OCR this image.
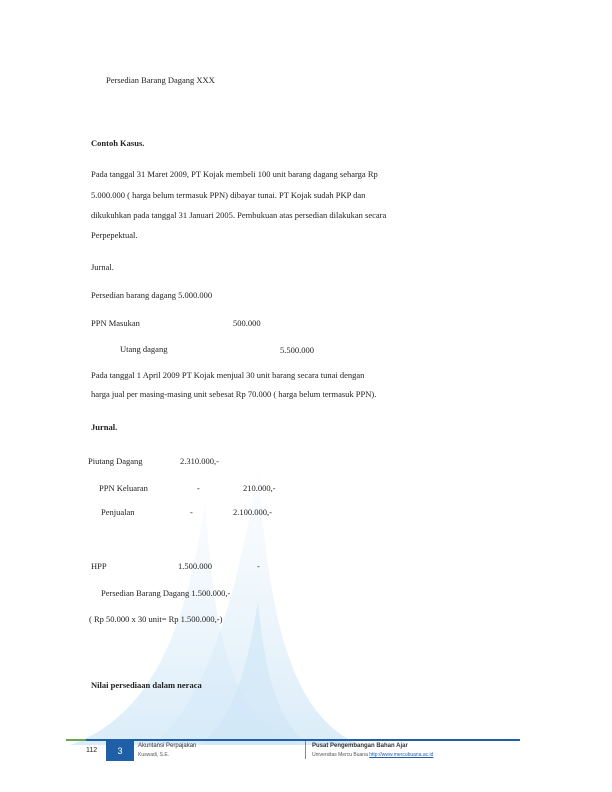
Persedian Barang Dagang XXX
Contoh Kasus.
Pada tanggal 31 Maret 2009, PT Kojak membeli 100 unit barang dagang seharga Rp
5.000.000 ( harga belum termasuk PPN) dibayar tunai. PT Kojak sudah PKP dan
dikukuhkan pada tanggal 31 Januari 2005. Pembukuan atas persedian dilakukan secara
Perpepektual.
Jurnal.
Persedian barang dagang 5.000.000
PPN Masukan	500.000
Utang dagang	5.500.000
Pada tanggal 1 April 2009 PT Kojak menjual 30 unit barang secara tunai dengan
harga jual per masing-masing unit sebesat Rp 70.000 ( harga belum termasuk PPN).
Jurnal.
Piutang Dagang	2.310.000,-
PPN Keluaran	-	210.000,-
Penjualan	-	2.100.000,-
HPP	1.500.000	-
Persedian Barang Dagang 1.500.000,-
( Rp 50.000 x 30 unit= Rp 1.500.000,-)
Nilai persediaan dalam neraca
112	3	Akuntansi Perpajakan
Kuswadi, S.E.
Pusat Pengembangan Bahan Ajar
Universitas Mercu Buana http://www.mercubuana.ac.id
